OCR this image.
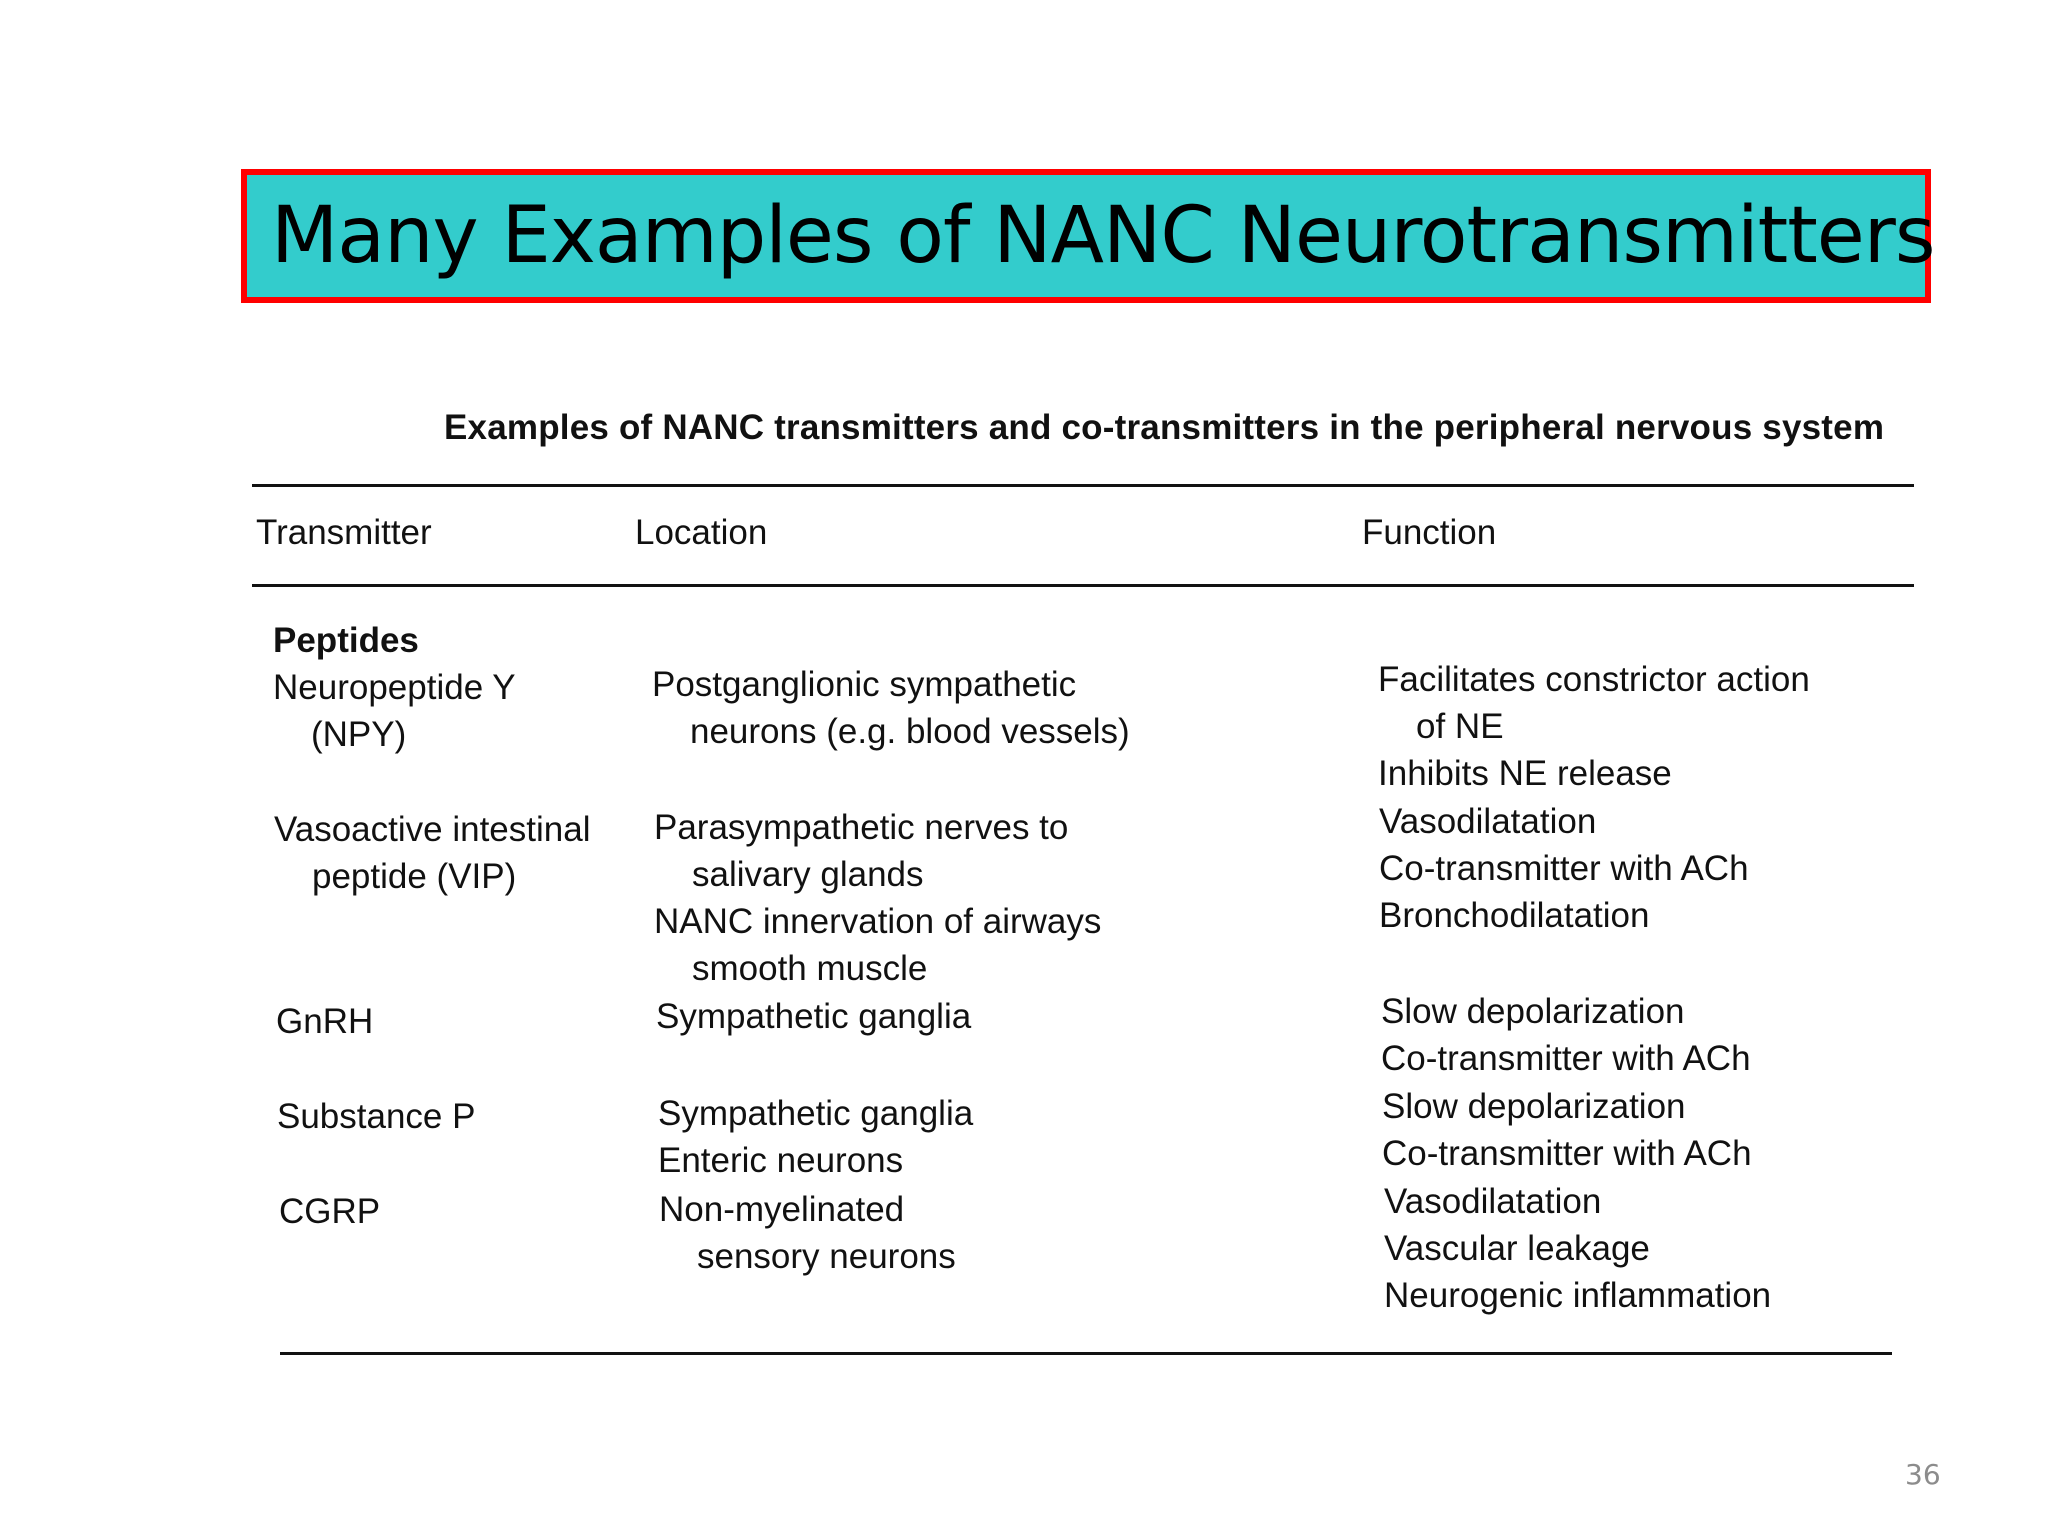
Many Examples of NANC Neurotransmitters
Examples of NANC transmitters and co-transmitters in the peripheral nervous system
Transmitter	Location	Function
Peptides
Neuropeptide Y
(NPY)
Vasoactive intestinal
peptide (VIP)
GnRH
Substance P
CGRP
Postganglionic sympathetic
neurons (e.g. blood vessels)
Parasympathetic nerves to
salivary glands
NANC innervation of airways
smooth muscle
Sympathetic ganglia
Sympathetic ganglia
Enteric neurons
Non-myelinated
sensory neurons
Facilitates constrictor action
of NE
Inhibits NE release
Vasodilatation
Co-transmitter with ACh
Bronchodilatation
Slow depolarization
Co-transmitter with ACh
Slow depolarization
Co-transmitter with ACh
Vasodilatation
Vascular leakage
Neurogenic inflammation
36
